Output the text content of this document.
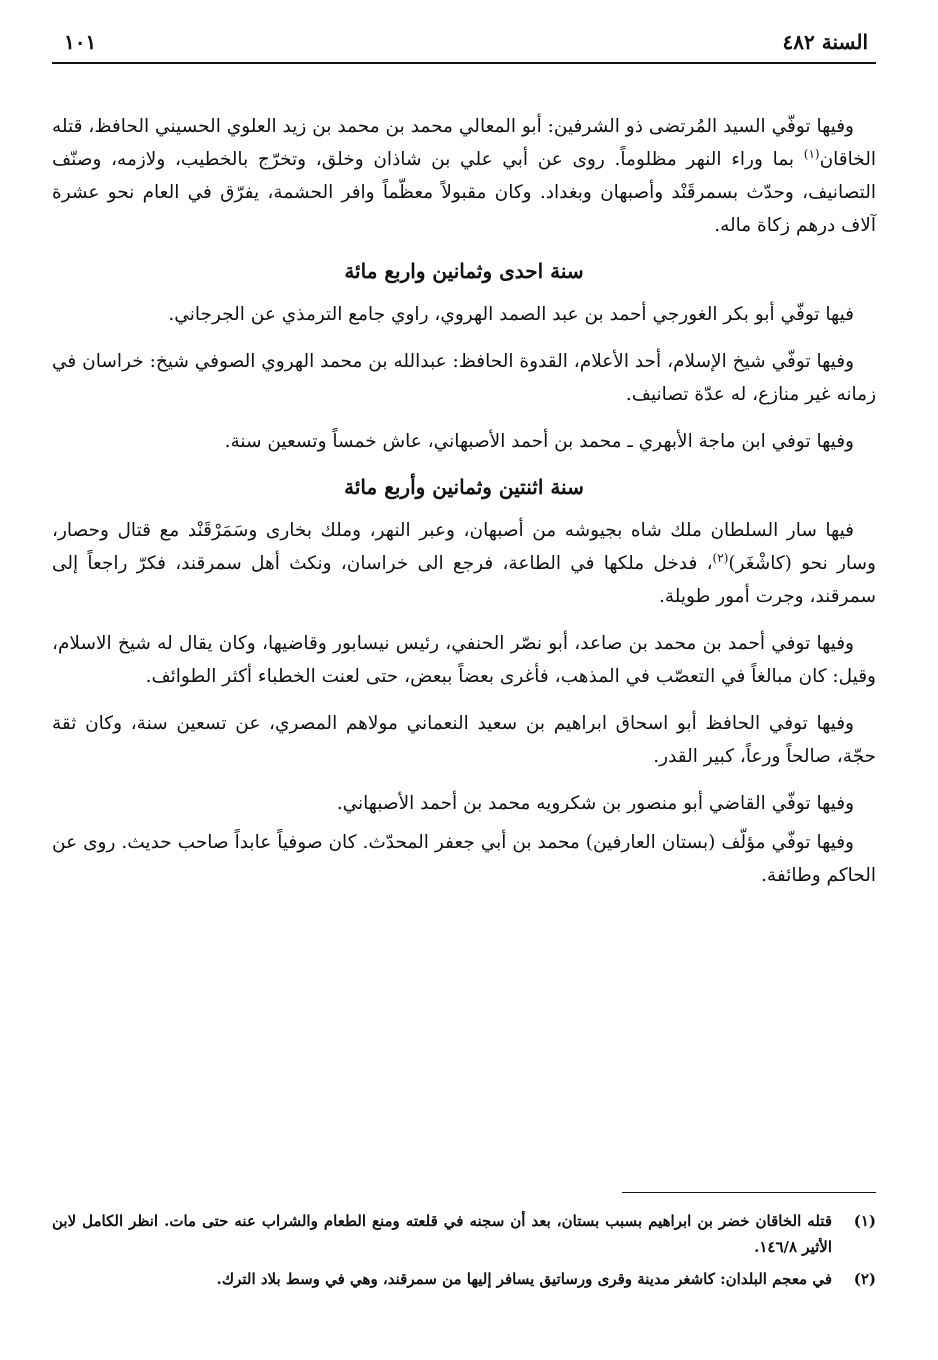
السنة ٤٨٢
١٠١

وفيها توفّي السيد المُرتضى ذو الشرفين: أبو المعالي محمد بن محمد بن زيد العلوي الحسيني الحافظ، قتله الخاقان$^{(١)}$ بما وراء النهر مظلوماً. روى عن أبي علي بن شاذان وخلق، وتخرّج بالخطيب، ولازمه، وصنّف التصانيف، وحدّث بسمرقَنْد وأصبهان وبغداد. وكان مقبولاً معظّماً وافر الحشمة، يفرّق في العام نحو عشرة آلاف درهم زكاة ماله.

سنة احدى وثمانين واربع مائة

فيها توفّي أبو بكر الغورجي أحمد بن عبد الصمد الهروي، راوي جامع الترمذي عن الجرجاني.

وفيها توفّي شيخ الإسلام، أحد الأعلام، القدوة الحافظ: عبدالله بن محمد الهروي الصوفي شيخ: خراسان في زمانه غير منازع، له عدّة تصانيف.

وفيها توفي ابن ماجة الأبهري ـ محمد بن أحمد الأصبهاني، عاش خمساً وتسعين سنة.

سنة اثنتين وثمانين وأربع مائة

فيها سار السلطان ملك شاه بجيوشه من أصبهان، وعبر النهر، وملك بخارى وسَمَرْقَنْد مع قتال وحصار، وسار نحو (كاشْغَر)$^{(٢)}$، فدخل ملكها في الطاعة، فرجع الى خراسان، ونكث أهل سمرقند، فكرّ راجعاً إلى سمرقند، وجرت أمور طويلة.

وفيها توفي أحمد بن محمد بن صاعد، أبو نصّر الحنفي، رئيس نيسابور وقاضيها، وكان يقال له شيخ الاسلام، وقيل: كان مبالغاً في التعصّب في المذهب، فأغرى بعضاً ببعض، حتى لعنت الخطباء أكثر الطوائف.

وفيها توفي الحافظ أبو اسحاق ابراهيم بن سعيد النعماني مولاهم المصري، عن تسعين سنة، وكان ثقة حجّة، صالحاً ورعاً، كبير القدر.

وفيها توفّي القاضي أبو منصور بن شكرويه محمد بن أحمد الأصبهاني.

وفيها توفّي مؤلّف (بستان العارفين) محمد بن أبي جعفر المحدّث. كان صوفياً عابداً صاحب حديث. روى عن الحاكم وطائفة.

(١)
قتله الخاقان خضر بن ابراهيم بسبب بستان، بعد أن سجنه في قلعته ومنع الطعام والشراب عنه حتى مات. انظر الكامل لابن الأثير ١٤٦/٨.
(٢)
في معجم البلدان: كاشغر مدينة وقرى ورساتيق يسافر إليها من سمرقند، وهي في وسط بلاد الترك.
